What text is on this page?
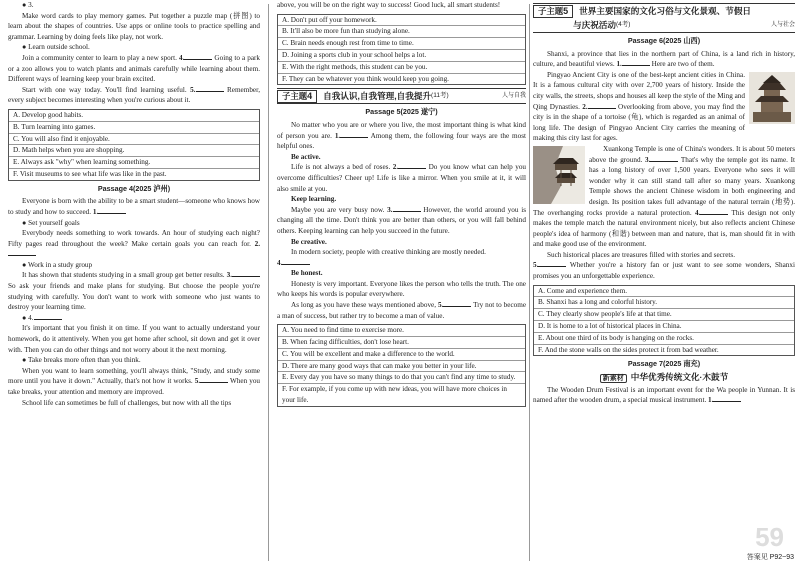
● 3.

Make word cards to play memory games. Put together a puzzle map (拼图) to learn about the shapes of countries. Use apps or online tools to practice spelling and grammar. Learning by doing feels like play, not work.

● Learn outside school.

Join a community center to learn to play a new sport. 4.	Going to a park or a zoo allows you to watch plants and animals carefully while learning about them. Different ways of learning keep your brain excited.

Start with one way today. You'll find learning useful. 5.	Remember, every subject becomes interesting when you're curious about it.

A. Develop good habits.
B. Turn learning into games.
C. You will also find it enjoyable.
D. Math helps when you are shopping.
E. Always ask "why" when learning something.
F. Visit museums to see what life was like in the past.
Passage 4(2025 泸州)

Everyone is born with the ability to be a smart student—someone who knows how to study and how to succeed. 1.

● Set yourself goals

Everybody needs something to work towards. An hour of studying each night? Fifty pages read throughout the week? Make certain goals you can reach for. 2.

● Work in a study group

It has shown that students studying in a small group get better results. 3. So ask your friends and make plans for studying. But choose the people you're studying with carefully. You don't want to work with someone who just wants to destroy your learning time.

● 4.

It's important that you finish it on time. If you want to actually understand your homework, do it attentively. When you get home after school, sit down and get it over with. Then you can do other things and not worry about it the next morning.

● Take breaks more often than you think.

When you want to learn something, you'll always think, "Study, and study some more until you have it down." Actually, that's not how it works. 5.	When you take breaks, your attention and memory are improved.

School life can sometimes be full of challenges, but now with all the tips

above, you will be on the right way to success! Good luck, all smart students!

A. Don't put off your homework.
B. It'll also be more fun than studying alone.
C. Brain needs enough rest from time to time.
D. Joining a sports club in your school helps a lot.
E. With the right methods, this student can be you.
F. They can be whatever you think would keep you going.
子主题4	自我认识,自我管理,自我提升 (11考)	人与自我
Passage 5(2025 遂宁)

No matter who you are or where you live, the most important thing is what kind of person you are. 1.	Among them, the following four ways are the most helpful ones.

Be active.

Life is not always a bed of roses. 2.	Do you know what can help you overcome difficulties? Cheer up! Life is like a mirror. When you smile at it, it will also smile at you.

Keep learning.

Maybe you are very busy now. 3.	However, the world around you is changing all the time. Don't think you are better than others, or you will fall behind others. Keeping learning can help you succeed in the future.

Be creative.

In modern society, people with creative thinking are mostly needed.

4.

Be honest.

Honesty is very important. Everyone likes the person who tells the truth. The one who keeps his words is popular everywhere.

As long as you have these ways mentioned above, 5.	Try not to become a man of success, but rather try to become a man of value.

A. You need to find time to exercise more.
B. When facing difficulties, don't lose heart.
C. You will be excellent and make a difference to the world.
D. There are many good ways that can make you better in your life.
E. Every day you have so many things to do that you can't find any time to study.
F. For example, if you come up with new ideas, you will have more choices in your life.
子主题5	世界主要国家的文化习俗与文化景观、节假日
与庆祝活动 (4考)	人与社会
Passage 6(2025 山西)

Shanxi, a province that lies in the northern part of China, is a land rich in history, culture, and beautiful views. 1.	Here are two of them.

Pingyao Ancient City is one of the best-kept ancient cities in China. It is a famous cultural city with over 2,700 years of history. Inside the city walls, the streets, shops and houses all keep the style of the Ming and Qing Dynasties. 2.	Overlooking from above, you may find the city is in the shape of a tortoise (龟), which is regarded as an animal of long life. The design of Pingyao Ancient City carries the meaning of making this city last for ages.

Xuankong Temple is one of China's wonders. It is about 50 meters above the ground. 3.	That's why the temple got its name. It has a long history of over 1,500 years. Everyone who sees it will wonder why it can still stand tall after so many years. Xuankong Temple shows the ancient Chinese wisdom in both engineering and design. Its position takes full advantage of the natural terrain (地势). The overhanging rocks provide a natural protection. 4.	This design not only makes the temple match the natural environment nicely, but also reflects ancient Chinese people's idea of harmony (和谐) between man and nature, that is, man should fit in with and make good use of the environment.

Such historical places are treasures filled with stories and secrets.

5.	Whether you're a history fan or just want to see some wonders, Shanxi promises you an unforgettable experience.

A. Come and experience them.
B. Shanxi has a long and colorful history.
C. They clearly show people's life at that time.
D. It is home to a lot of historical places in China.
E. About one third of its body is hanging on the rocks.
F. And the stone walls on the sides protect it from bad weather.
Passage 7(2025 南充)
新素材 中华优秀传统文化·木鼓节

The Wooden Drum Festival is an important event for the Wa people in Yunnan. It is named after the wooden drum, a special musical instrument. 1.

59
答案见 P92~93
